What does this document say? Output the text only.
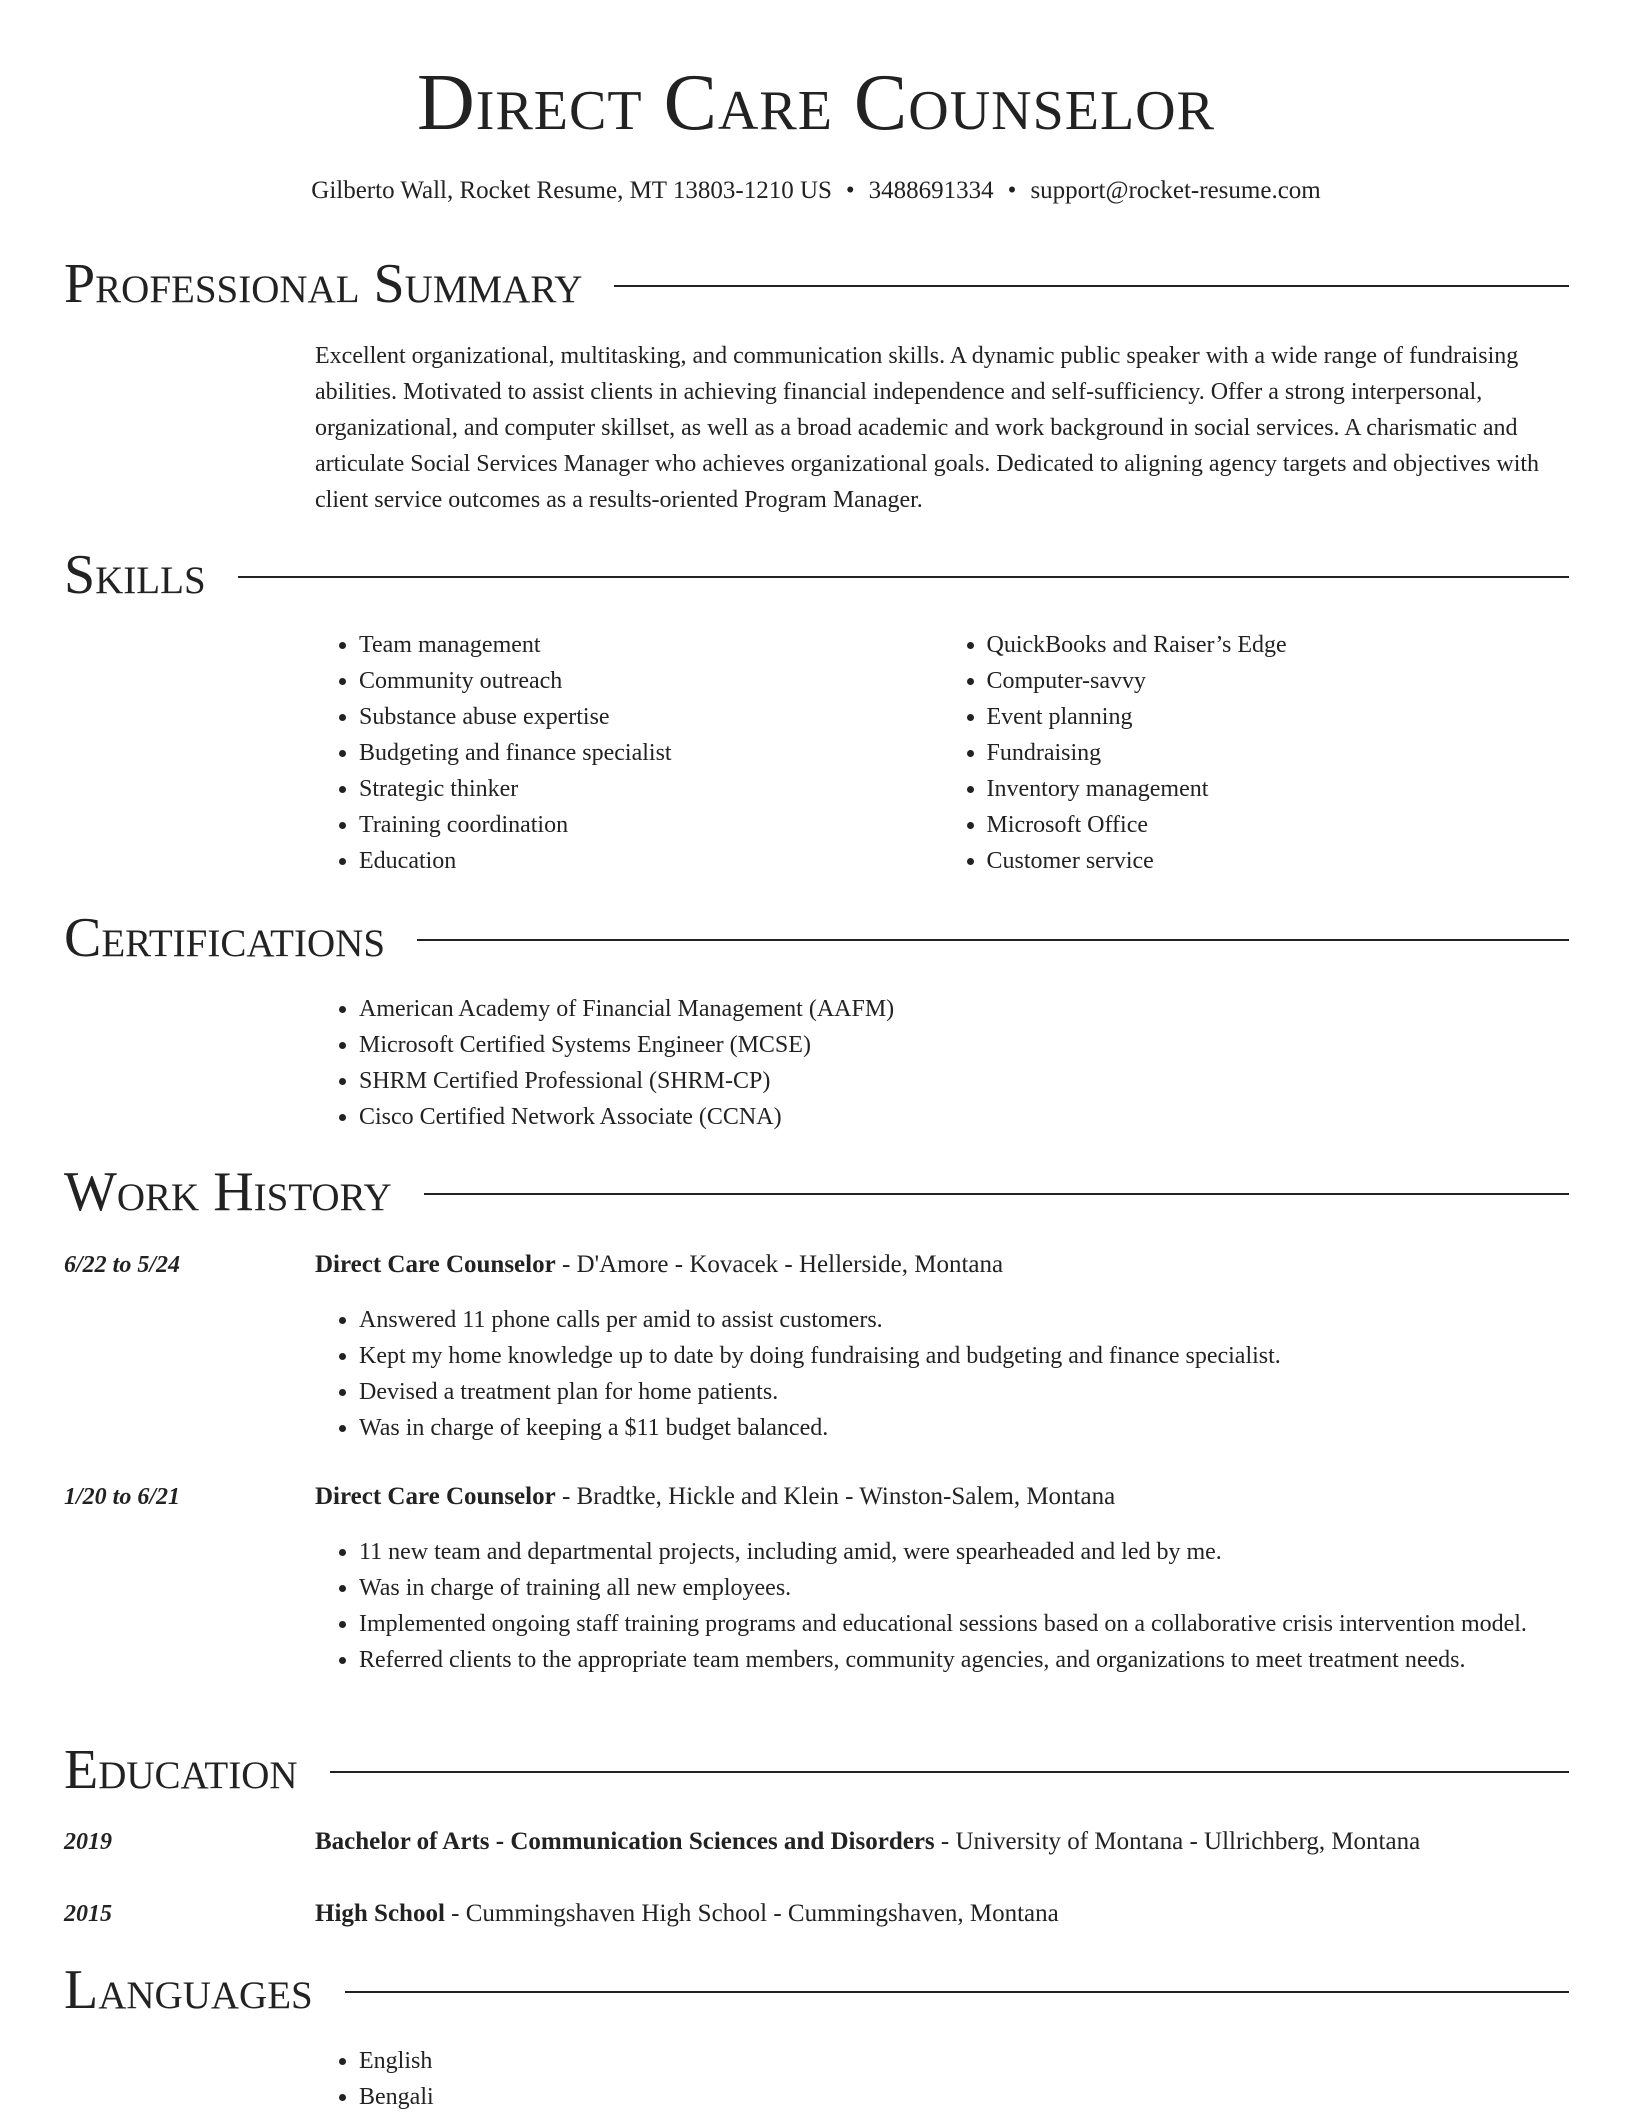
Direct Care Counselor
Gilberto Wall, Rocket Resume, MT 13803-1210 US • 3488691334 • support@rocket-resume.com
Professional Summary

Excellent organizational, multitasking, and communication skills. A dynamic public speaker with a wide range of fundraising abilities. Motivated to assist clients in achieving financial independence and self-sufficiency. Offer a strong interpersonal, organizational, and computer skillset, as well as a broad academic and work background in social services. A charismatic and articulate Social Services Manager who achieves organizational goals. Dedicated to aligning agency targets and objectives with client service outcomes as a results-oriented Program Manager.

Skills
• Team management
• Community outreach
• Substance abuse expertise
• Budgeting and finance specialist
• Strategic thinker
• Training coordination
• Education
• QuickBooks and Raiser’s Edge
• Computer-savvy
• Event planning
• Fundraising
• Inventory management
• Microsoft Office
• Customer service
Certifications
• American Academy of Financial Management (AAFM)
• Microsoft Certified Systems Engineer (MCSE)
• SHRM Certified Professional (SHRM-CP)
• Cisco Certified Network Associate (CCNA)
Work History
6/22 to 5/24	Direct Care Counselor - D'Amore - Kovacek - Hellerside, Montana
• Answered 11 phone calls per amid to assist customers.
• Kept my home knowledge up to date by doing fundraising and budgeting and finance specialist.
• Devised a treatment plan for home patients.
• Was in charge of keeping a $11 budget balanced.
1/20 to 6/21	Direct Care Counselor - Bradtke, Hickle and Klein - Winston-Salem, Montana
• 11 new team and departmental projects, including amid, were spearheaded and led by me.
• Was in charge of training all new employees.
• Implemented ongoing staff training programs and educational sessions based on a collaborative crisis intervention model.
• Referred clients to the appropriate team members, community agencies, and organizations to meet treatment needs.
Education
2019	Bachelor of Arts - Communication Sciences and Disorders - University of Montana - Ullrichberg, Montana
2015	High School - Cummingshaven High School - Cummingshaven, Montana
Languages
• English
• Bengali
